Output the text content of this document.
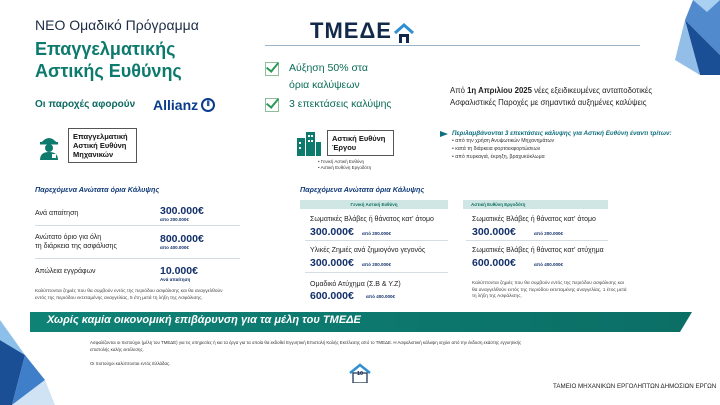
ΝΕΟ Ομαδικό Πρόγραμμα
Επαγγελματικής
Αστικής Ευθύνης
Οι παροχές αφορούν Allianz	⦀
ΤΜΕΔΕ
Αύξηση 50% στα
όρια καλύψεων
3 επεκτάσεις καλύψης
Από 1η Απριλίου 2025 νέες εξειδικευμένες ανταποδοτικές
Ασφαλιστικές Παροχές με σημαντικά αυξημένες καλύψεις
Επαγγελματική
Αστική Ευθύνη
Μηχανικών
Αστική Ευθύνη
Έργου
• Γενική Αστική Ευθύνη
• Αστική Ευθύνη Εργοδότη
Περιλαμβάνονται 3 επεκτάσεις κάλυψης για Αστική Ευθύνη έναντι τρίτων:
• από την χρήση Ανυψωτικών Μηχανημάτων
• κατά τη διάρκεια φορτοεκφορτώσεων
• από πυρκαγιά, έκρηξη, βραχυκύκλωμα
Παρεχόμενα Ανώτατα όρια Κάλυψης	Παρεχόμενα Ανώτατα όρια Κάλυψης
Ανά απαίτηση	300.000€
απο 200.000€
Ανώτατο όριο για όλη
τη διάρκεια της ασφάλισης
800.000€
απο 400.000€
Απώλεια εγγράφων	10.000€
Ανά απαίτηση
Καλύπτονται ζημιές που θα συμβούν εντός της περιόδου ασφάλισης και θα αναγγελθούν
εντός της περιόδου εκτεταμένης αναγγελίας, 5 έτη μετά τη λήξη της Ασφάλισης.
Γενική Αστική Ευθύνη
Σωματικές Βλάβες ή θάνατος κατ' άτομο
300.000€ από 200.000€
Υλικές Ζημιές ανά ζημιογόνο γεγονός
300.000€ από 200.000€
Ομαδικό Ατύχημα (Σ.Β & Υ.Ζ)
600.000€	από 400.000€
Αστική Ευθύνη Εργοδότη
Σωματικές Βλάβες ή θάνατος κατ' άτομο
300.000€	από 200.000€
Σωματικές Βλάβες ή θάνατος κατ' ατύχημα
600.000€	από 400.000€
Καλύπτονται ζημιές που θα συμβούν εντός της περιόδου ασφάλισης και
θα αναγγελθούν εντός της περιόδου εκτεταμένης αναγγελίας, 1 έτος μετά
τη λήξη της Ασφάλισης.
Χωρίς καμία οικονομική επιβάρυνση για τα μέλη του ΤΜΕΔΕ
Ασφαλίζονται οι πιστούχοι (μέλη του ΤΜΕΔΕ) για τις υπηρεσίες ή και τα έργα για τα οποία θα εκδοθεί Εγγυητική Επιστολή Καλής Εκτέλεσης από το ΤΜΕΔΕ. Η Ασφαλιστική κάλυψη ισχύει από την έκδοση εκάστης εγγυητικής
επιστολής καλής εκτέλεσης.
Οι πιστούχοι καλύπτονται εντός Ελλάδας.
10
ΤΑΜΕΙΟ ΜΗΧΑΝΙΚΩΝ ΕΡΓΟΛΗΠΤΩΝ ΔΗΜΟΣΙΩΝ ΕΡΓΩΝ
